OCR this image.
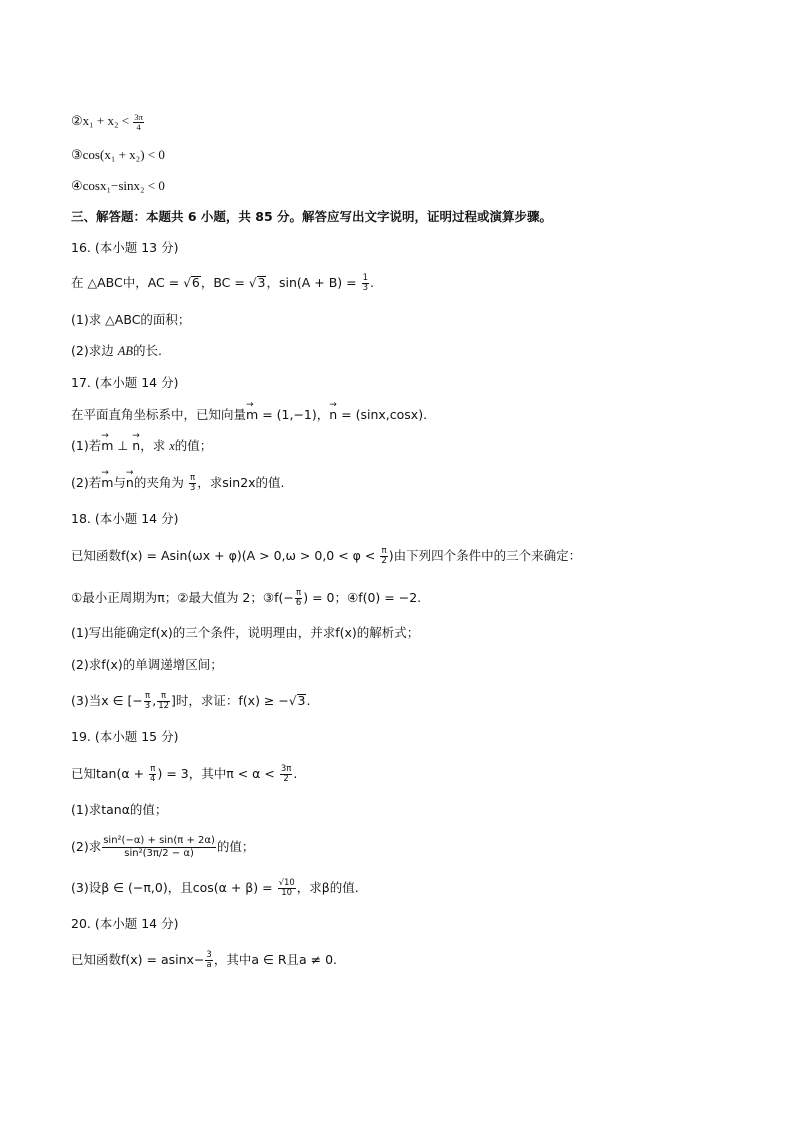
②x₁ + $x_2 < \frac{3\pi}{4}$
③cos(x₁ + x₂) < 0
④cosx₁−sinx₂ < 0
三、解答题：本题共 6 小题，共 85 分。解答应写出文字说明，证明过程或演算步骤。
16. (本小题 13 分)
在 △ABC中，AC = √6，BC = √3，$\sin(A + B) = \frac{1}{3}$ .
(1)求 △ABC的面积；
(2)求边 AB的长.
17. (本小题 14 分)
在平面直角坐标系中，已知向量→ m = (1,−1)，→ n = (sinx,cosx).
(1)若→ m ⊥ → n，求 x的值；
(2)若→ m与→ n的夹角为 $\frac{\pi}{3}$ ，求sin2x的值.
18. (本小题 14 分)
已知函数$f(x) = Asin(\omega x + \varphi)(A > 0,\omega > 0,0 < \varphi < \frac{\pi}{2}$ )由下列四个条件中的三个来确定：
①最小正周期为π；②最大值为 2；③f(− $\frac{\pi}{6}$ ) = 0；④f(0) = −2.
(1)写出能确定f(x)的三个条件，说明理由，并求f(x)的解析式；
(2)求f(x)的单调递增区间；
(3)当x ∈ [− $\frac{\pi}{3}$ , $\frac{\pi}{12}$ ]时，求证：f(x) ≥ −√3.
19. (本小题 15 分)
已知$\tan(\alpha + \frac{\pi}{4}$ ) = 3，其中$\pi < \alpha < \frac{3\pi}{2}$ .
(1)求tanα的值；
(2)求 $\frac{\text{sin²(−α) + sin(π + 2α)}}{\text{sin²(3π/2 − α)}}$ 的值；
(3)设β ∈ (−π,0)，且$\cos(\alpha + \beta) = \frac{√10}{10}$ ，求β的值.
20. (本小题 14 分)
已知函数$f(x) = asinx- \frac{3}{a}$ ，其中a ∈ R且a ≠ 0.
